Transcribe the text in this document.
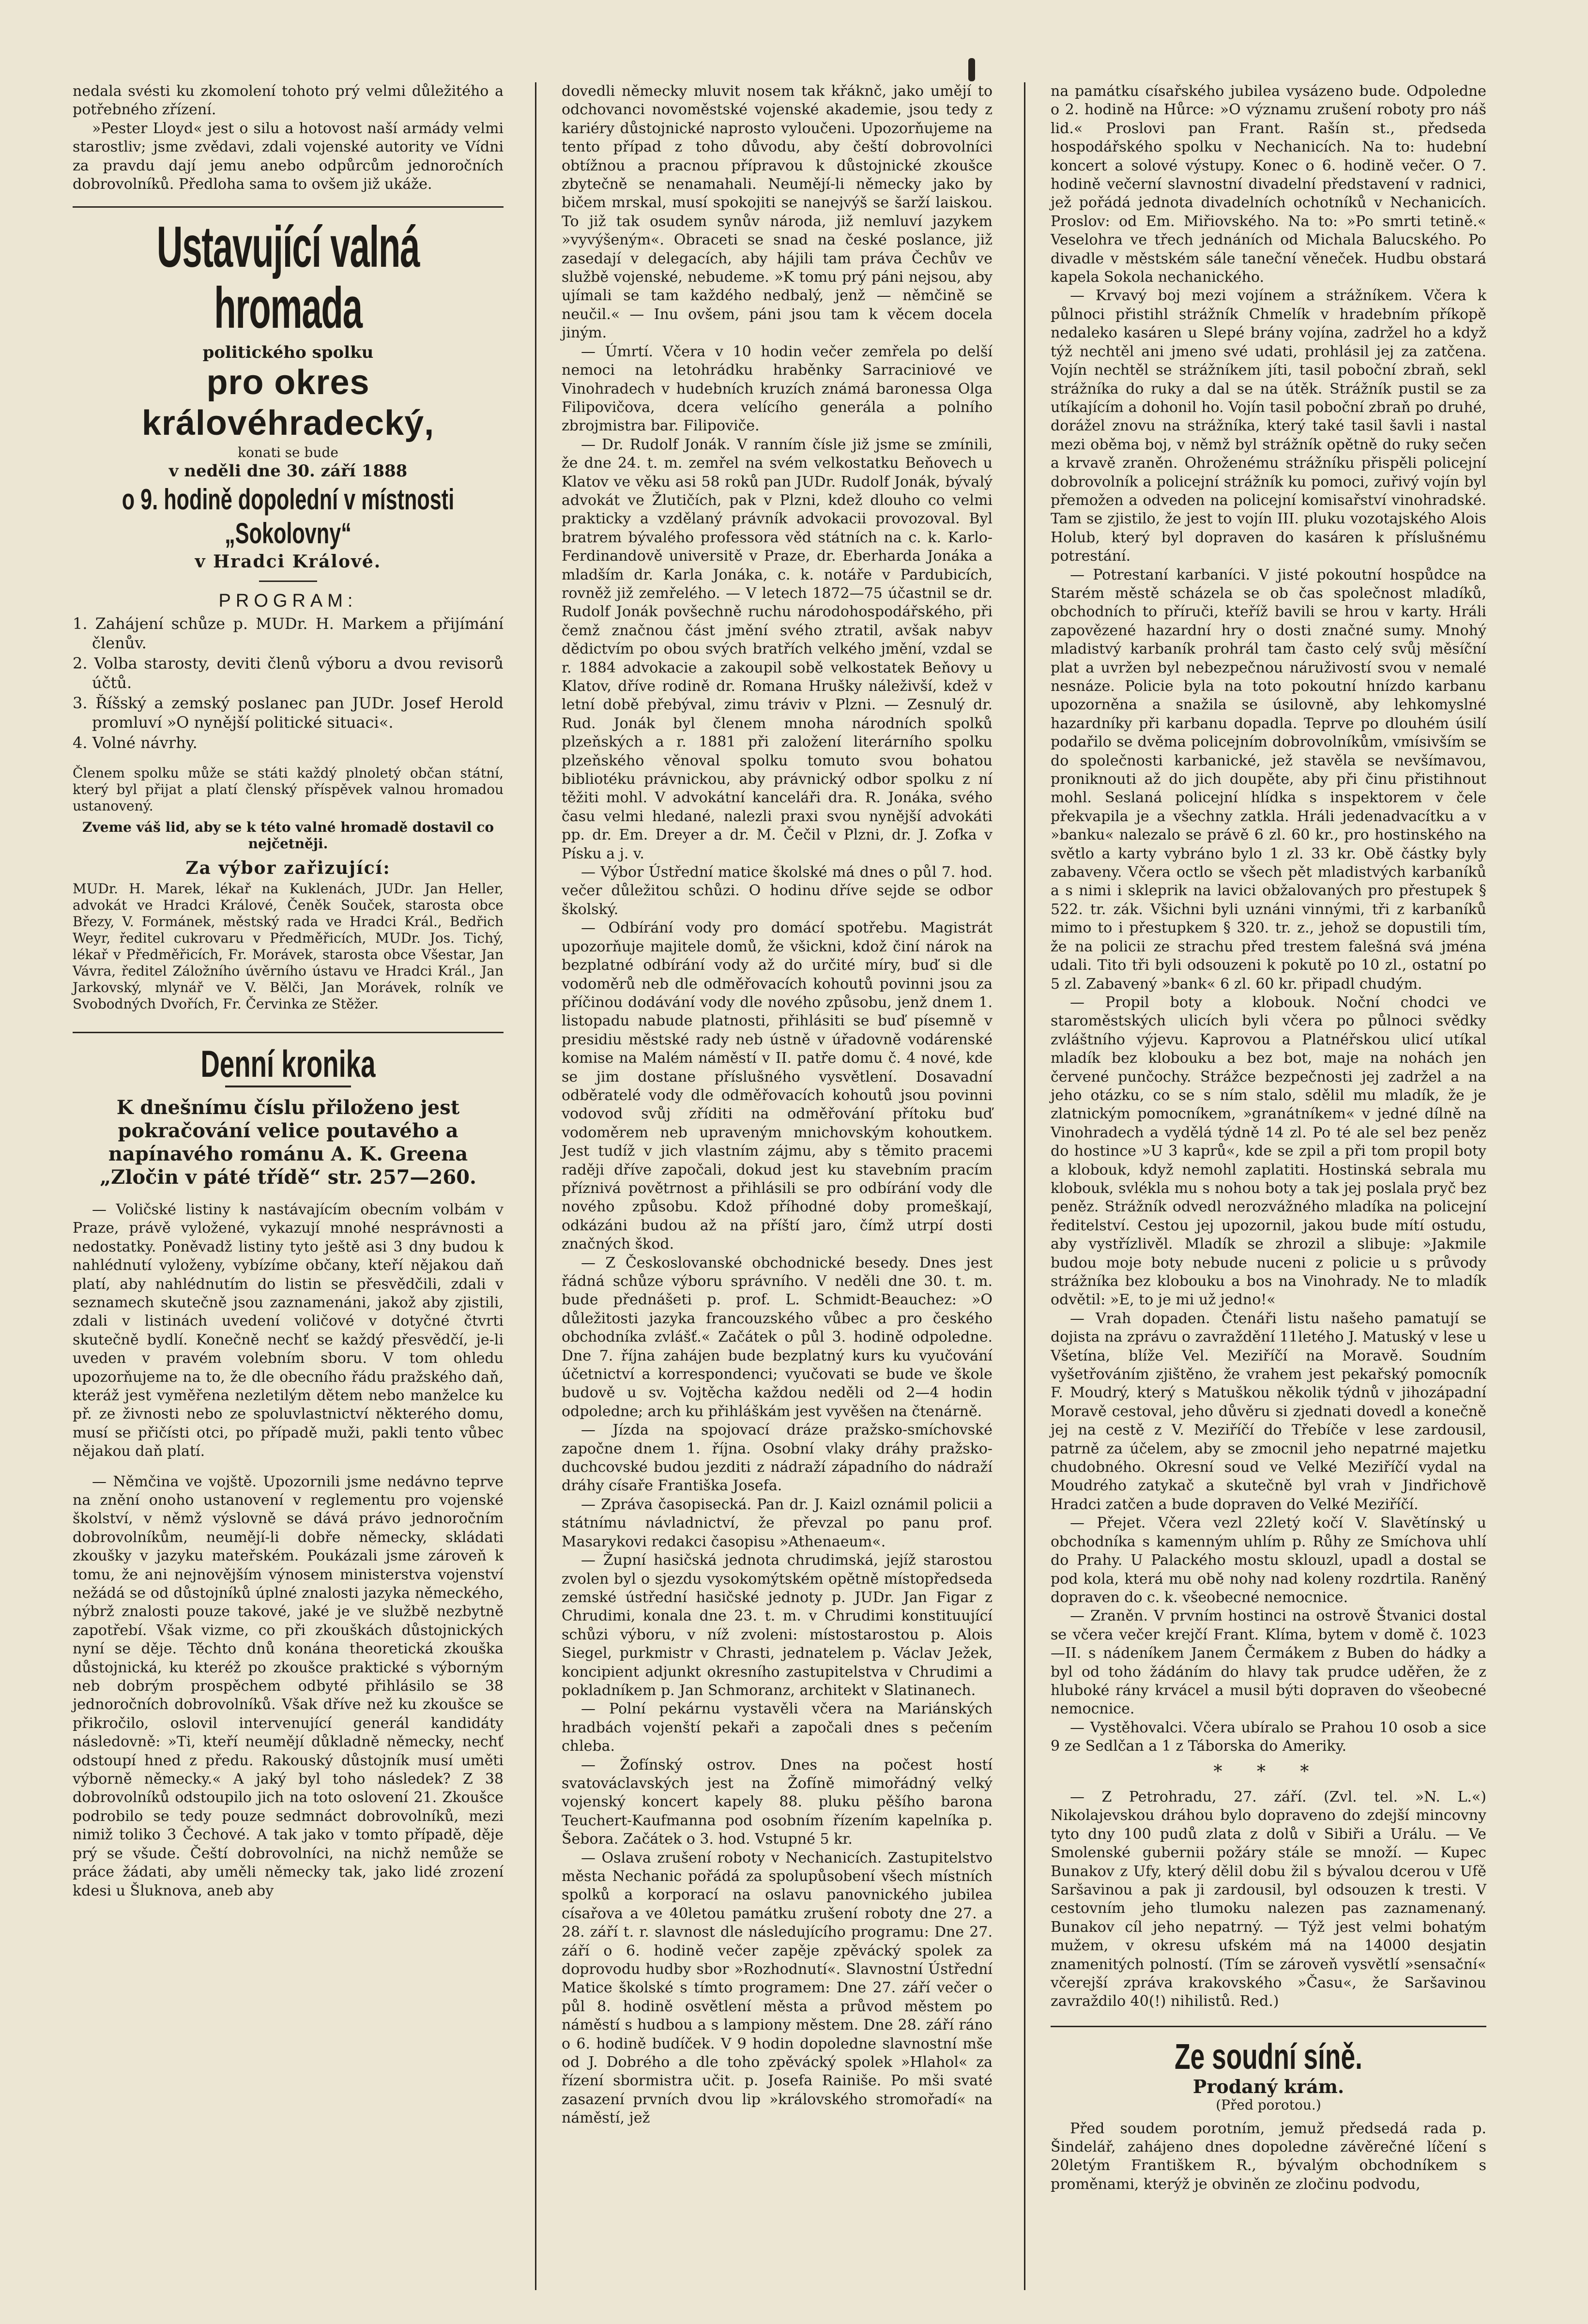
nedala svésti ku zkomolení tohoto prý velmi důležitého a potřebného zřízení.

»Pester Lloyd« jest o silu a hotovost naší armády velmi starostliv; jsme zvědavi, zdali vojenské autority ve Vídni za pravdu dají jemu anebo odpůrcům jednoročních dobrovolníků. Předloha sama to ovšem již ukáže.

Ustavující valná hromada
politického spolku
pro okres královéhradecký,
konati se bude
v neděli dne 30. září 1888
o 9. hodině dopolední v místnosti „Sokolovny“
v Hradci Králové.
PROGRAM:
1. Zahájení schůze p. MUDr. H. Markem a přijímání členův.
2. Volba starosty, deviti členů výboru a dvou revisorů účtů.
3. Říšský a zemský poslanec pan JUDr. Josef Herold promluví »O nynější politické situaci«.
4. Volné návrhy.

Členem spolku může se státi každý plnoletý občan státní, který byl přijat a platí členský příspěvek valnou hromadou ustanovený.

Zveme váš lid, aby se k této valné hromadě dostavil co nejčetněji.

Za výbor zařizující:

MUDr. H. Marek, lékař na Kuklenách, JUDr. Jan Heller, advokát ve Hradci Králové, Čeněk Souček, starosta obce Březy, V. Formánek, městský rada ve Hradci Král., Bedřich Weyr, ředitel cukrovaru v Předměřicích, MUDr. Jos. Tichý, lékař v Předměřicích, Fr. Morávek, starosta obce Všestar, Jan Vávra, ředitel Záložního úvěrního ústavu ve Hradci Král., Jan Jarkovský, mlynář ve V. Bělči, Jan Morávek, rolník ve Svobodných Dvořích, Fr. Červinka ze Stěžer.

Denní kronika

K dnešnímu číslu přiloženo jest pokračování velice poutavého a napínavého románu A. K. Greena „Zločin v páté třídě“ str. 257—260.

— Voličské listiny k nastávajícím obecním volbám v Praze, právě vyložené, vykazují mnohé nesprávnosti a nedostatky. Poněvadž listiny tyto ještě asi 3 dny budou k nahlédnutí vyloženy, vybízíme občany, kteří nějakou daň platí, aby nahlédnutím do listin se přesvědčili, zdali v seznamech skutečně jsou zaznamenáni, jakož aby zjistili, zdali v listinách uvedení voličové v dotyčné čtvrti skutečně bydlí. Konečně nechť se každý přesvědčí, je-li uveden v pravém volebním sboru. V tom ohledu upozorňujeme na to, že dle obecního řádu pražského daň, kteráž jest vyměřena nezletilým dětem nebo manželce ku př. ze živnosti nebo ze spoluvlastnictví některého domu, musí se přičísti otci, po případě muži, pakli tento vůbec nějakou daň platí.

— Němčina ve vojště. Upozornili jsme nedávno teprve na znění onoho ustanovení v reglementu pro vojenské školství, v němž výslovně se dává právo jednoročním dobrovolníkům, neumějí-li dobře německy, skládati zkoušky v jazyku mateřském. Poukázali jsme zároveň k tomu, že ani nejnovějším výnosem ministerstva vojenství nežádá se od důstojníků úplné znalosti jazyka německého, nýbrž znalosti pouze takové, jaké je ve službě nezbytně zapotřebí. Však vizme, co při zkouškách důstojnických nyní se děje. Těchto dnů konána theoretická zkouška důstojnická, ku kteréž po zkoušce praktické s výborným neb dobrým prospěchem odbyté přihlásilo se 38 jednoročních dobrovolníků. Však dříve než ku zkoušce se přikročilo, oslovil intervenující generál kandidáty následovně: »Ti, kteří neumějí důkladně německy, nechť odstoupí hned z předu. Rakouský důstojník musí uměti výborně německy.« A jaký byl toho následek? Z 38 dobrovolníků odstoupilo jich na toto oslovení 21. Zkoušce podrobilo se tedy pouze sedmnáct dobrovolníků, mezi nimiž toliko 3 Čechové. A tak jako v tomto případě, děje prý se všude. Čeští dobrovolníci, na nichž nemůže se práce žádati, aby uměli německy tak, jako lidé zrození kdesi u Šluknova, aneb aby

dovedli německy mluvit nosem tak křáknč, jako umějí to odchovanci novoměstské vojenské akademie, jsou tedy z kariéry důstojnické naprosto vyloučeni. Upozorňujeme na tento případ z toho důvodu, aby čeští dobrovolníci obtížnou a pracnou přípravou k důstojnické zkoušce zbytečně se nenamahali. Neumějí-li německy jako by bičem mrskal, musí spokojiti se nanejvýš se šarží laiskou. To již tak osudem synův národa, již nemluví jazykem »vyvýšeným«. Obraceti se snad na české poslance, již zasedají v delegacích, aby hájili tam práva Čechův ve službě vojenské, nebudeme. »K tomu prý páni nejsou, aby ujímali se tam každého nedbalý, jenž — němčině se neučil.« — Inu ovšem, páni jsou tam k věcem docela jiným.

— Úmrtí. Včera v 10 hodin večer zemřela po delší nemoci na letohrádku hraběnky Sarraciniové ve Vinohradech v hudebních kruzích známá baronessa Olga Filipovičova, dcera velícího generála a polního zbrojmistra bar. Filipoviče.

— Dr. Rudolf Jonák. V ranním čísle již jsme se zmínili, že dne 24. t. m. zemřel na svém velkostatku Beňovech u Klatov ve věku asi 58 roků pan JUDr. Rudolf Jonák, bývalý advokát ve Žlutičích, pak v Plzni, kdež dlouho co velmi prakticky a vzdělaný právník advokacii provozoval. Byl bratrem bývalého professora věd státních na c. k. Karlo-Ferdinandově universitě v Praze, dr. Eberharda Jonáka a mladším dr. Karla Jonáka, c. k. notáře v Pardubicích, rovněž již zemřelého. — V letech 1872—75 účastnil se dr. Rudolf Jonák povšechně ruchu národohospodářského, při čemž značnou část jmění svého ztratil, avšak nabyv dědictvím po obou svých bratřích velkého jmění, vzdal se r. 1884 advokacie a zakoupil sobě velkostatek Beňovy u Klatov, dříve rodině dr. Romana Hrušky náleživší, kdež v letní době přebýval, zimu tráviv v Plzni. — Zesnulý dr. Rud. Jonák byl členem mnoha národních spolků plzeňských a r. 1881 při založení literárního spolku plzeňského věnoval spolku tomuto svou bohatou bibliotéku právnickou, aby právnický odbor spolku z ní těžiti mohl. V advokátní kanceláři dra. R. Jonáka, svého času velmi hledané, nalezli praxi svou nynější advokáti pp. dr. Em. Dreyer a dr. M. Čečil v Plzni, dr. J. Zofka v Písku a j. v.

— Výbor Ústřední matice školské má dnes o půl 7. hod. večer důležitou schůzi. O hodinu dříve sejde se odbor školský.

— Odbírání vody pro domácí spotřebu. Magistrát upozorňuje majitele domů, že všickni, kdož činí nárok na bezplatné odbírání vody až do určité míry, buď si dle vodoměrů neb dle odměřovacích kohoutů povinni jsou za příčinou dodávání vody dle nového způsobu, jenž dnem 1. listopadu nabude platnosti, přihlásiti se buď písemně v presidiu městské rady neb ústně v úřadovně vodárenské komise na Malém náměstí v II. patře domu č. 4 nové, kde se jim dostane příslušného vysvětlení. Dosavadní odběratelé vody dle odměřovacích kohoutů jsou povinni vodovod svůj zříditi na odměřování přítoku buď vodoměrem neb upraveným mnichovským kohoutkem. Jest tudíž v jich vlastním zájmu, aby s těmito pracemi raději dříve započali, dokud jest ku stavebním pracím příznivá povětrnost a přihlásili se pro odbírání vody dle nového způsobu. Kdož příhodné doby promeškají, odkázáni budou až na příští jaro, čímž utrpí dosti značných škod.

— Z Českoslovanské obchodnické besedy. Dnes jest řádná schůze výboru správního. V neděli dne 30. t. m. bude přednášeti p. prof. L. Schmidt-Beauchez: »O důležitosti jazyka francouzského vůbec a pro českého obchodníka zvlášť.« Začátek o půl 3. hodině odpoledne. Dne 7. října zahájen bude bezplatný kurs ku vyučování účetnictví a korrespondenci; vyučovati se bude ve škole budově u sv. Vojtěcha každou neděli od 2—4 hodin odpoledne; arch ku přihláškám jest vyvěšen na čtenárně.

— Jízda na spojovací dráze pražsko-smíchovské započne dnem 1. října. Osobní vlaky dráhy pražsko-duchcovské budou jezditi z nádraží západního do nádraží dráhy císaře Františka Josefa.

— Zpráva časopisecká. Pan dr. J. Kaizl oznámil policii a státnímu návladnictví, že převzal po panu prof. Masarykovi redakci časopisu »Athenaeum«.

— Župní hasičská jednota chrudimská, jejíž starostou zvolen byl o sjezdu vysokomýtském opětně místopředseda zemské ústřední hasičské jednoty p. JUDr. Jan Figar z Chrudimi, konala dne 23. t. m. v Chrudimi konstituující schůzi výboru, v níž zvoleni: místostarostou p. Alois Siegel, purkmistr v Chrasti, jednatelem p. Václav Ježek, koncipient adjunkt okresního zastupitelstva v Chrudimi a pokladníkem p. Jan Schmoranz, architekt v Slatinanech.

— Polní pekárnu vystavěli včera na Mariánských hradbách vojenští pekaři a započali dnes s pečením chleba.

— Žofínský ostrov. Dnes na počest hostí svatováclavských jest na Žofíně mimořádný velký vojenský koncert kapely 88. pluku pěšího barona Teuchert-Kaufmanna pod osobním řízením kapelníka p. Šebora. Začátek o 3. hod. Vstupné 5 kr.

— Oslava zrušení roboty v Nechanicích. Zastupitelstvo města Nechanic pořádá za spolupůsobení všech místních spolků a korporací na oslavu panovnického jubilea císařova a ve 40letou památku zrušení roboty dne 27. a 28. září t. r. slavnost dle následujícího programu: Dne 27. září o 6. hodině večer zapěje zpěvácký spolek za doprovodu hudby sbor »Rozhodnutí«. Slavnostní Ústřední Matice školské s tímto programem: Dne 27. září večer o půl 8. hodině osvětlení města a průvod městem po náměstí s hudbou a s lampiony městem. Dne 28. září ráno o 6. hodině budíček. V 9 hodin dopoledne slavnostní mše od J. Dobrého a dle toho zpěvácký spolek »Hlahol« za řízení sbormistra učit. p. Josefa Rainiše. Po mši svaté zasazení prvních dvou lip »královského stromořadí« na náměstí, jež

na památku císařského jubilea vysázeno bude. Odpoledne o 2. hodině na Hůrce: »O významu zrušení roboty pro náš lid.« Proslovi pan Frant. Rašín st., předseda hospodářského spolku v Nechanicích. Na to: hudební koncert a solové výstupy. Konec o 6. hodině večer. O 7. hodině večerní slavnostní divadelní představení v radnici, jež pořádá jednota divadelních ochotníků v Nechanicích. Proslov: od Em. Miřiovského. Na to: »Po smrti tetině.« Veselohra ve třech jednáních od Michala Balucského. Po divadle v městském sále taneční věneček. Hudbu obstará kapela Sokola nechanického.

— Krvavý boj mezi vojínem a strážníkem. Včera k půlnoci přistihl strážník Chmelík v hradebním příkopě nedaleko kasáren u Slepé brány vojína, zadržel ho a když týž nechtěl ani jmeno své udati, prohlásil jej za zatčena. Vojín nechtěl se strážníkem jíti, tasil poboční zbraň, sekl strážníka do ruky a dal se na útěk. Strážník pustil se za utíkajícím a dohonil ho. Vojín tasil poboční zbraň po druhé, dorážel znovu na strážníka, který také tasil šavli i nastal mezi oběma boj, v němž byl strážník opětně do ruky sečen a krvavě zraněn. Ohroženému strážníku přispěli policejní dobrovolník a policejní strážník ku pomoci, zuřivý vojín byl přemožen a odveden na policejní komisařství vinohradské. Tam se zjistilo, že jest to vojín III. pluku vozotajského Alois Holub, který byl dopraven do kasáren k příslušnému potrestání.

— Potrestaní karbaníci. V jisté pokoutní hospůdce na Starém městě scházela se ob čas společnost mladíků, obchodních to příruči, kteříž bavili se hrou v karty. Hráli zapovězené hazardní hry o dosti značné sumy. Mnohý mladistvý karbaník prohrál tam často celý svůj měsíční plat a uvržen byl nebezpečnou náruživostí svou v nemalé nesnáze. Policie byla na toto pokoutní hnízdo karbanu upozorněna a snažila se úsilovně, aby lehkomyslné hazardníky při karbanu dopadla. Teprve po dlouhém úsilí podařilo se dvěma policejním dobrovolníkům, vmísivším se do společnosti karbanické, jež stavěla se nevšímavou, proniknouti až do jich doupěte, aby při činu přistihnout mohl. Seslaná policejní hlídka s inspektorem v čele překvapila je a všechny zatkla. Hráli jedenadvacítku a v »banku« nalezalo se právě 6 zl. 60 kr., pro hostinského na světlo a karty vybráno bylo 1 zl. 33 kr. Obě částky byly zabaveny. Včera octlo se všech pět mladistvých karbaníků a s nimi i skleprik na lavici obžalovaných pro přestupek § 522. tr. zák. Všichni byli uznáni vinnými, tři z karbaníků mimo to i přestupkem § 320. tr. z., jehož se dopustili tím, že na policii ze strachu před trestem falešná svá jména udali. Tito tři byli odsouzeni k pokutě po 10 zl., ostatní po 5 zl. Zabavený »bank« 6 zl. 60 kr. připadl chudým.

— Propil boty a klobouk. Noční chodci ve staroměstských ulicích byli včera po půlnoci svědky zvláštního výjevu. Kaprovou a Platnéřskou ulicí utíkal mladík bez klobouku a bez bot, maje na nohách jen červené punčochy. Strážce bezpečnosti jej zadržel a na jeho otázku, co se s ním stalo, sdělil mu mladík, že je zlatnickým pomocníkem, »granátníkem« v jedné dílně na Vinohradech a vydělá týdně 14 zl. Po té ale sel bez peněz do hostince »U 3 kaprů«, kde se zpil a při tom propil boty a klobouk, když nemohl zaplatiti. Hostinská sebrala mu klobouk, svlékla mu s nohou boty a tak jej poslala pryč bez peněz. Strážník odvedl nerozvážného mladíka na policejní ředitelství. Cestou jej upozornil, jakou bude mítí ostudu, aby vystřízlivěl. Mladík se zhrozil a slibuje: »Jakmile budou moje boty nebude nuceni z policie u s průvody strážníka bez klobouku a bos na Vinohrady. Ne to mladík odvětil: »E, to je mi už jedno!«

— Vrah dopaden. Čtenáři listu našeho pamatují se dojista na zprávu o zavraždění 11letého J. Matuský v lese u Všetína, blíže Vel. Meziříčí na Moravě. Soudním vyšetřováním zjištěno, že vrahem jest pekařský pomocník F. Moudrý, který s Matuškou několik týdnů v jihozápadní Moravě cestoval, jeho důvěru si zjednati dovedl a konečně jej na cestě z V. Meziříčí do Třebíče v lese zardousil, patrně za účelem, aby se zmocnil jeho nepatrné majetku chudobného. Okresní soud ve Velké Meziříčí vydal na Moudrého zatykač a skutečně byl vrah v Jindřichově Hradci zatčen a bude dopraven do Velké Meziříčí.

— Přejet. Včera vezl 22letý kočí V. Slavětínský u obchodníka s kamenným uhlím p. Růhy ze Smíchova uhlí do Prahy. U Palackého mostu sklouzl, upadl a dostal se pod kola, která mu obě nohy nad koleny rozdrtila. Raněný dopraven do c. k. všeobecné nemocnice.

— Zraněn. V prvním hostinci na ostrově Štvanici dostal se včera večer krejčí Frant. Klíma, bytem v domě č. 1023—II. s nádeníkem Janem Čermákem z Buben do hádky a byl od toho žádáním do hlavy tak prudce uděřen, že z hluboké rány krvácel a musil býti dopraven do všeobecné nemocnice.

— Vystěhovalci. Včera ubíralo se Prahou 10 osob a sice 9 ze Sedlčan a 1 z Táborska do Ameriky.

* * *

— Z Petrohradu, 27. září. (Zvl. tel. »N. L.«) Nikolajevskou dráhou bylo dopraveno do zdejší mincovny tyto dny 100 pudů zlata z dolů v Sibiři a Urálu. — Ve Smolenské gubernii požáry stále se množí. — Kupec Bunakov z Ufy, který dělil dobu žil s bývalou dcerou v Ufě Saršavinou a pak ji zardousil, byl odsouzen k tresti. V cestovním jeho tlumoku nalezen pas zaznamenaný. Bunakov cíl jeho nepatrný. — Týž jest velmi bohatým mužem, v okresu ufském má na 14000 desjatin znamenitých polností. (Tím se zároveň vysvětlí »sensační« včerejší zpráva krakovského »Času«, že Saršavinou zavraždilo 40(!) nihilistů. Red.)

Ze soudní síně.
Prodaný krám.
(Před porotou.)

Před soudem porotním, jemuž předsedá rada p. Šindelář, zahájeno dnes dopoledne závěrečné líčení s 20letým Františkem R., bývalým obchodníkem s proměnami, kterýž je obviněn ze zločinu podvodu,
